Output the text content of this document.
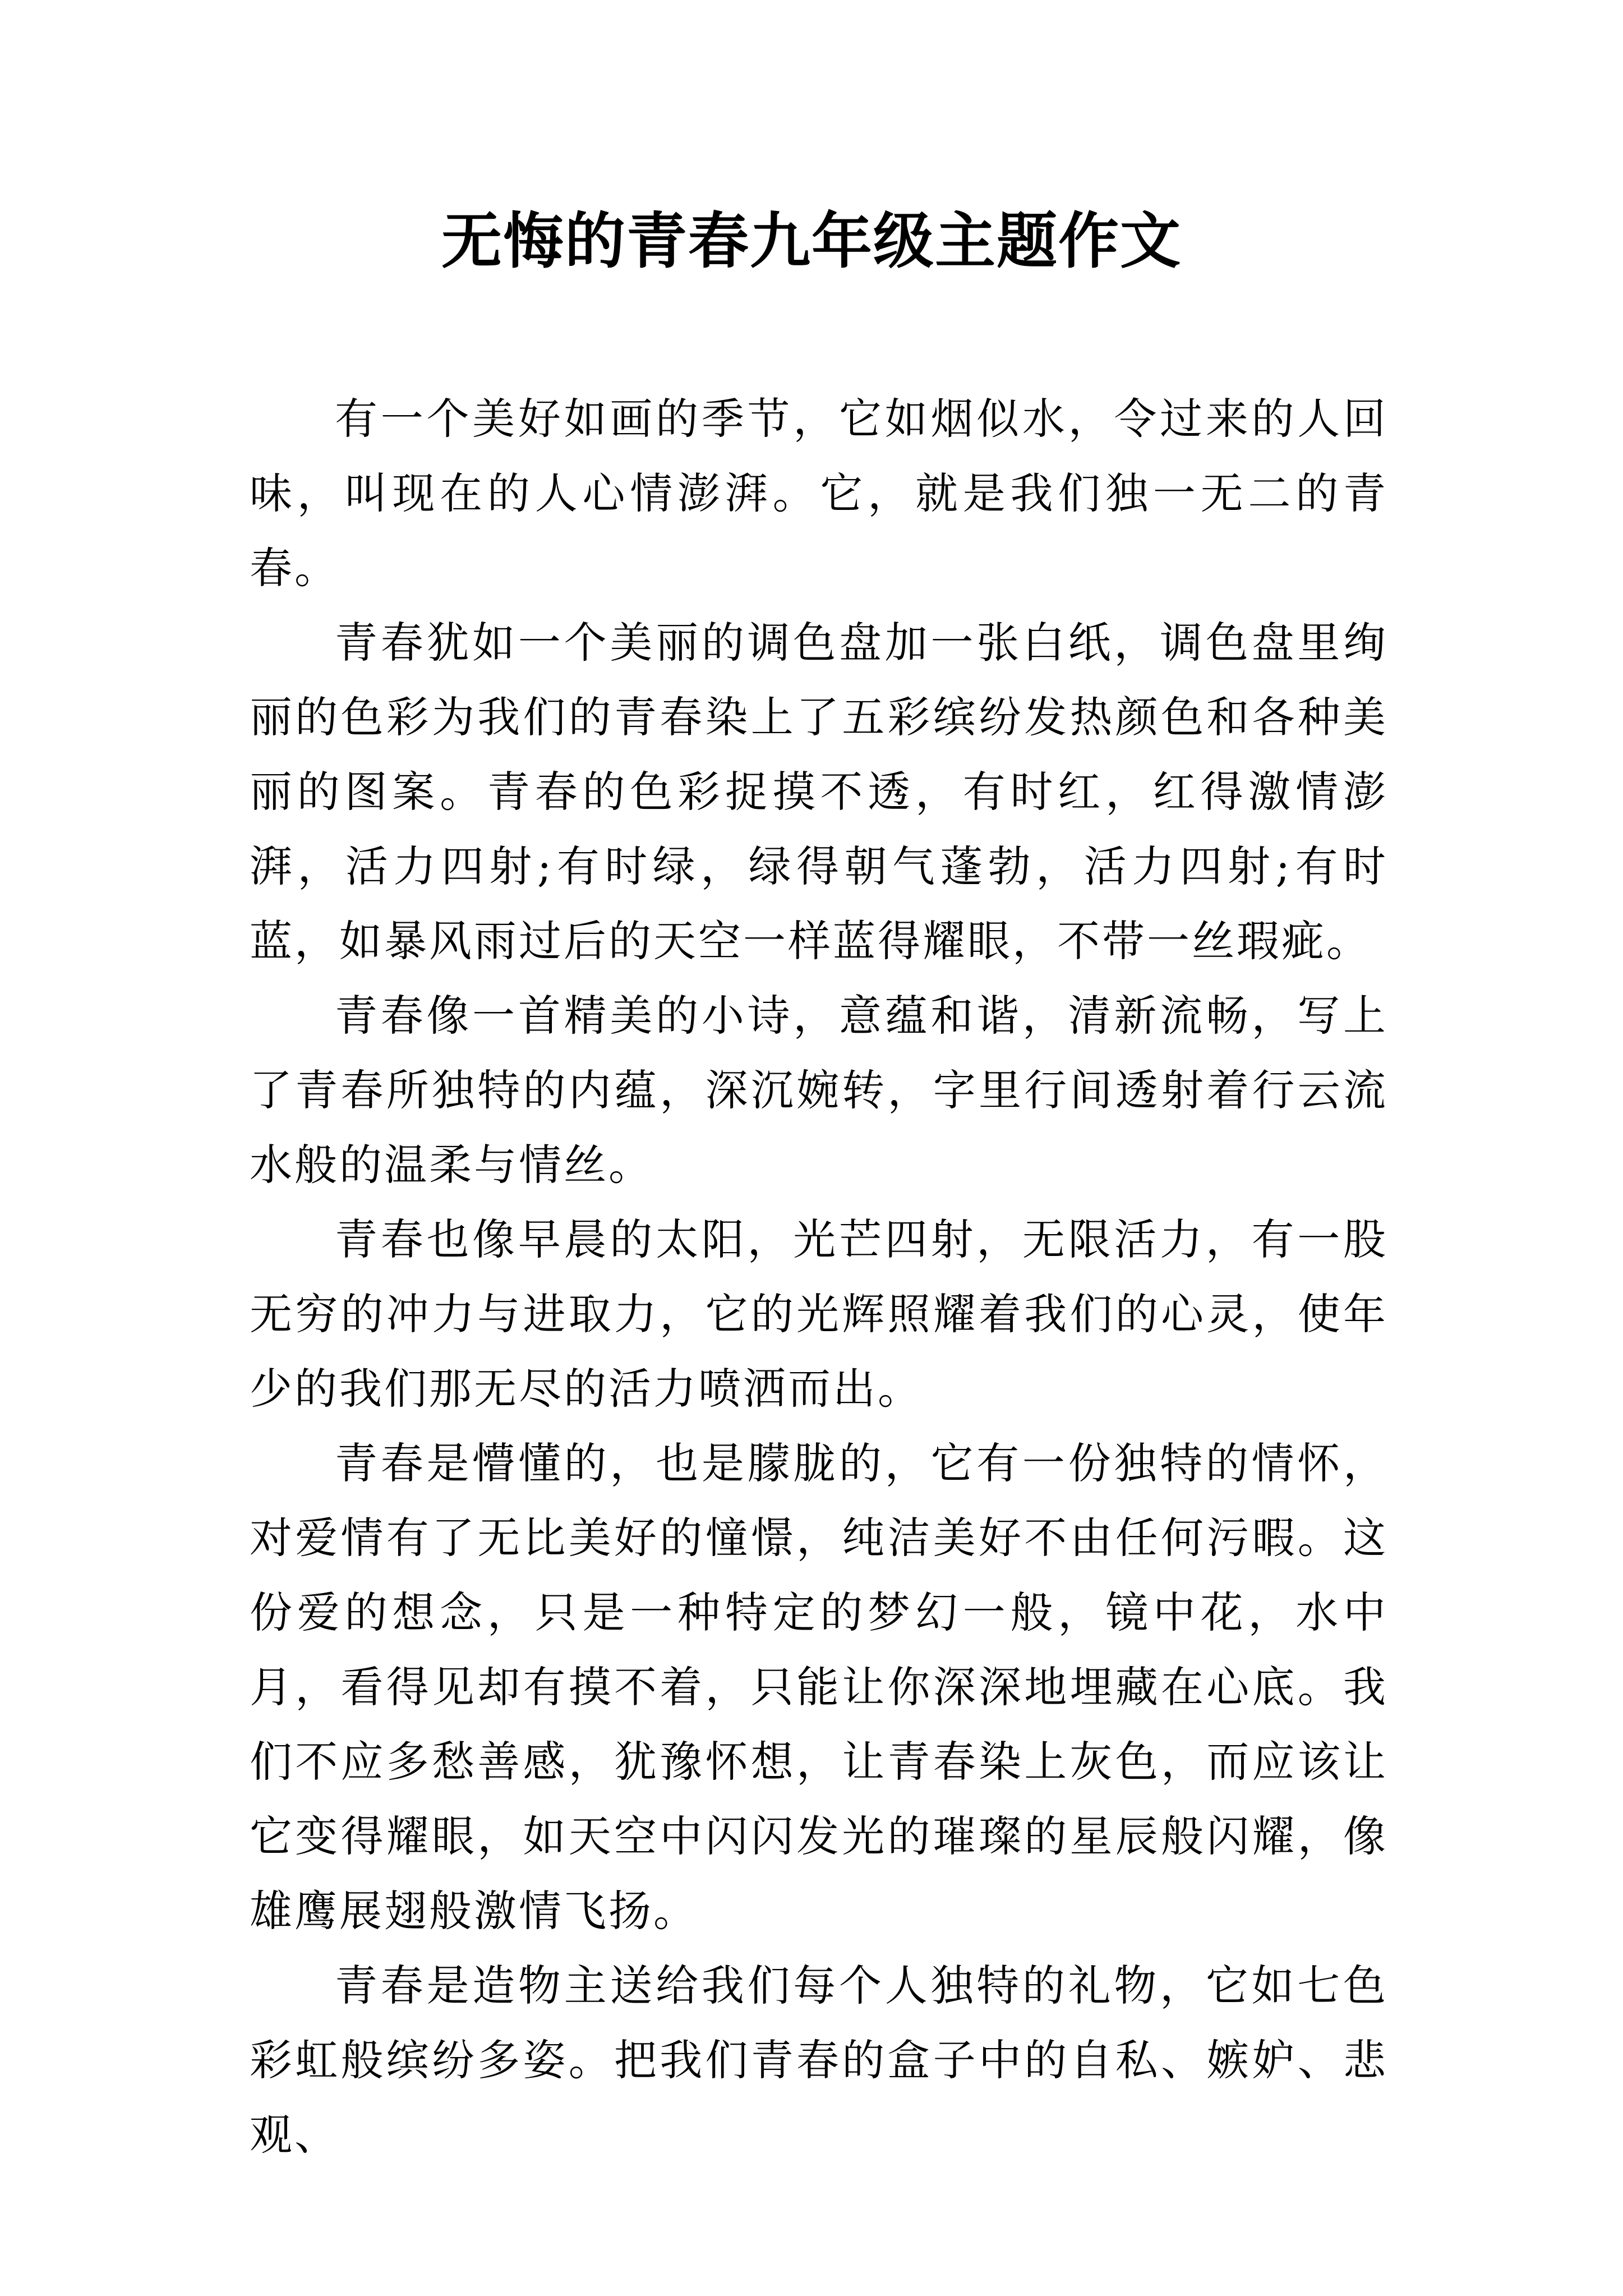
无悔的青春九年级主题作文

有一个美好如画的季节，它如烟似水，令过来的人回味，叫现在的人心情澎湃。它，就是我们独一无二的青春。

青春犹如一个美丽的调色盘加一张白纸，调色盘里绚丽的色彩为我们的青春染上了五彩缤纷发热颜色和各种美丽的图案。青春的色彩捉摸不透，有时红，红得激情澎湃，活力四射;有时绿，绿得朝气蓬勃，活力四射;有时蓝，如暴风雨过后的天空一样蓝得耀眼，不带一丝瑕疵。

青春像一首精美的小诗，意蕴和谐，清新流畅，写上了青春所独特的内蕴，深沉婉转，字里行间透射着行云流水般的温柔与情丝。

青春也像早晨的太阳，光芒四射，无限活力，有一股无穷的冲力与进取力，它的光辉照耀着我们的心灵，使年少的我们那无尽的活力喷洒而出。

青春是懵懂的，也是朦胧的，它有一份独特的情怀，对爱情有了无比美好的憧憬，纯洁美好不由任何污暇。这份爱的想念，只是一种特定的梦幻一般，镜中花，水中月，看得见却有摸不着，只能让你深深地埋藏在心底。我们不应多愁善感，犹豫怀想，让青春染上灰色，而应该让它变得耀眼，如天空中闪闪发光的璀璨的星辰般闪耀，像雄鹰展翅般激情飞扬。

青春是造物主送给我们每个人独特的礼物，它如七色彩虹般缤纷多姿。把我们青春的盒子中的自私、嫉妒、悲观、
